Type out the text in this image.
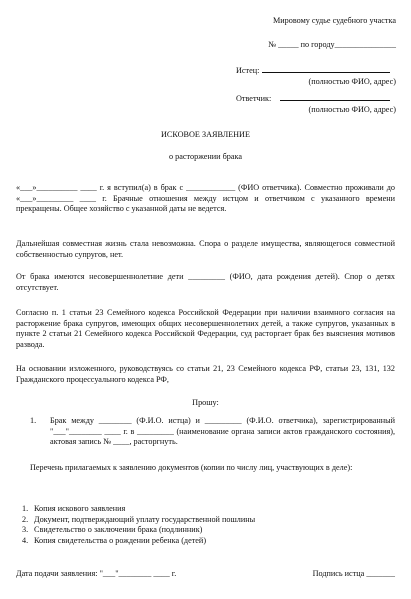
Мировому судье судебного участка
№ _____ по городу_______________
Истец:
(полностью ФИО, адрес)
Ответчик:
(полностью ФИО, адрес)
ИСКОВОЕ ЗАЯВЛЕНИЕ
о расторжении брака
«___»__________ ____ г. я вступил(а) в брак с ____________ (ФИО ответчика). Совместно проживали до «___»_________ ____ г. Брачные отношения между истцом и ответчиком с указанного времени прекращены. Общее хозяйство с указанной даты не ведется.
Дальнейшая совместная жизнь стала невозможна. Спора о разделе имущества, являющегося совместной собственностью супругов, нет.
От брака имеются несовершеннолетние дети _________ (ФИО, дата рождения детей). Спор о детях отсутствует.
Согласно п. 1 статьи 23 Семейного кодекса Российской Федерации при наличии взаимного согласия на расторжение брака супругов, имеющих общих несовершеннолетних детей, а также супругов, указанных в пункте 2 статьи 21 Семейного кодекса Российской Федерации, суд расторгает брак без выяснения мотивов развода.
На основании изложенного, руководствуясь со статьи 21, 23 Семейного кодекса РФ, статьи 23, 131, 132 Гражданского процессуального кодекса РФ,
Прошу:
1. Брак между ________ (Ф.И.О. истца) и _________ (Ф.И.О. ответчика), зарегистрированный "___"________ ____ г. в _________ (наименование органа записи актов гражданского состояния), актовая запись № ____, расторгнуть.
Перечень прилагаемых к заявлению документов (копии по числу лиц, участвующих в деле):
1. Копия искового заявления
2. Документ, подтверждающий уплату государственной пошлины
3. Свидетельство о заключении брака (подлинник)
4. Копия свидетельства о рождении ребенка (детей)
Дата подачи заявления: "___"________ ____ г.	Подпись истца _______
